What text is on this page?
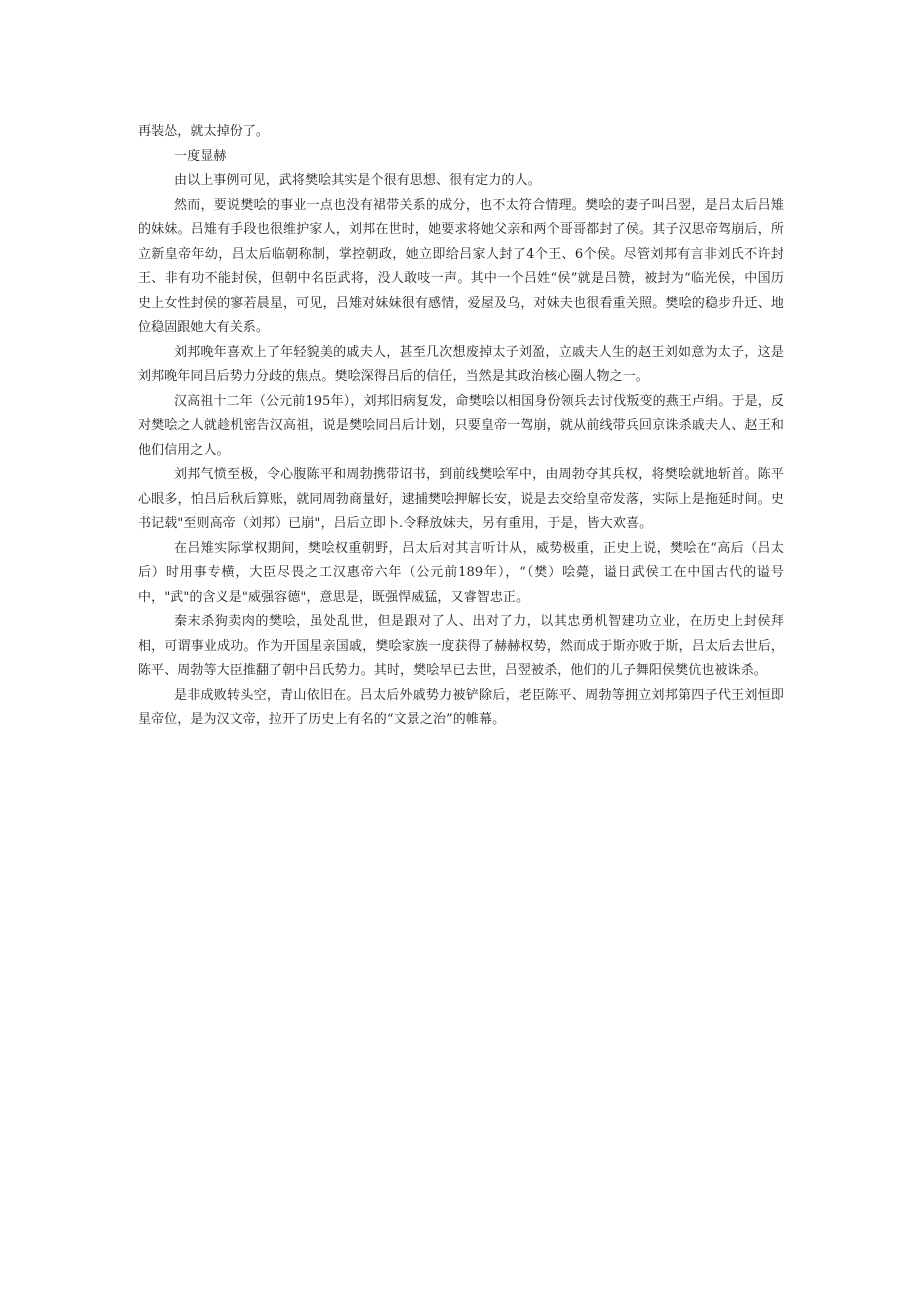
再装怂，就太掉份了。

一度显赫

由以上事例可见，武将樊哙其实是个很有思想、很有定力的人。

然而，要说樊哙的事业一点也没有裙带关系的成分，也不太符合情理。樊哙的妻子叫吕翌，是吕太后吕雉的妹妹。吕雉有手段也很维护家人，刘邦在世时，她要求将她父亲和两个哥哥都封了侯。其子汉思帝驾崩后，所立新皇帝年幼，吕太后临朝称制，掌控朝政，她立即给吕家人封了4个王、6个侯。尽管刘邦有言非刘氏不许封王、非有功不能封侯，但朝中名臣武将，没人敢吱一声。其中一个吕姓“侯”就是吕赞，被封为“临光侯，中国历史上女性封侯的寥若晨星，可见，吕雉对妹妹很有感情，爱屋及乌，对妹夫也很看重关照。樊哙的稳步升迁、地位稳固跟她大有关系。

刘邦晚年喜欢上了年轻貌美的戚夫人，甚至几次想废掉太子刘盈，立戚夫人生的赵王刘如意为太子，这是刘邦晚年同吕后势力分歧的焦点。樊哙深得吕后的信任，当然是其政治核心圈人物之一。

汉高祖十二年（公元前195年），刘邦旧病复发，命樊哙以相国身份领兵去讨伐叛变的燕王卢绢。于是，反对樊哙之人就趁机密告汉高祖，说是樊哙同吕后计划，只要皇帝一驾崩，就从前线带兵回京诛杀戚夫人、赵王和他们信用之人。

刘邦气愤至极，令心腹陈平和周勃携带诏书，到前线樊哙军中，由周勃夺其兵权，将樊哙就地斩首。陈平心眼多，怕吕后秋后算账，就同周勃商量好，逮捕樊哙押解长安，说是去交给皇帝发落，实际上是拖延时间。史书记载"至则高帝（刘邦）已崩"，吕后立即卜.令释放妹夫，另有重用，于是，皆大欢喜。

在吕雉实际掌权期间，樊哙权重朝野，吕太后对其言听计从，威势极重，正史上说，樊哙在“高后（吕太后）时用事专横，大臣尽畏之工汉惠帝六年（公元前189年），“（樊）哙薨，谥日武侯工在中国古代的谥号中，"武"的含义是"威强容德"，意思是，既强悍威猛，又睿智忠正。

秦末杀狗卖肉的樊哙，虽处乱世，但是跟对了人、出对了力，以其忠勇机智建功立业，在历史上封侯拜相，可谓事业成功。作为开国星亲国戚，樊哙家族一度获得了赫赫权势，然而成于斯亦败于斯，吕太后去世后，陈平、周勃等大臣推翻了朝中吕氏势力。其时，樊哙早已去世，吕翌被杀，他们的儿子舞阳侯樊伉也被诛杀。

是非成败转头空，青山依旧在。吕太后外戚势力被铲除后，老臣陈平、周勃等拥立刘邦第四子代王刘恒即星帝位，是为汉文帝，拉开了历史上有名的“文景之治”的帷幕。
